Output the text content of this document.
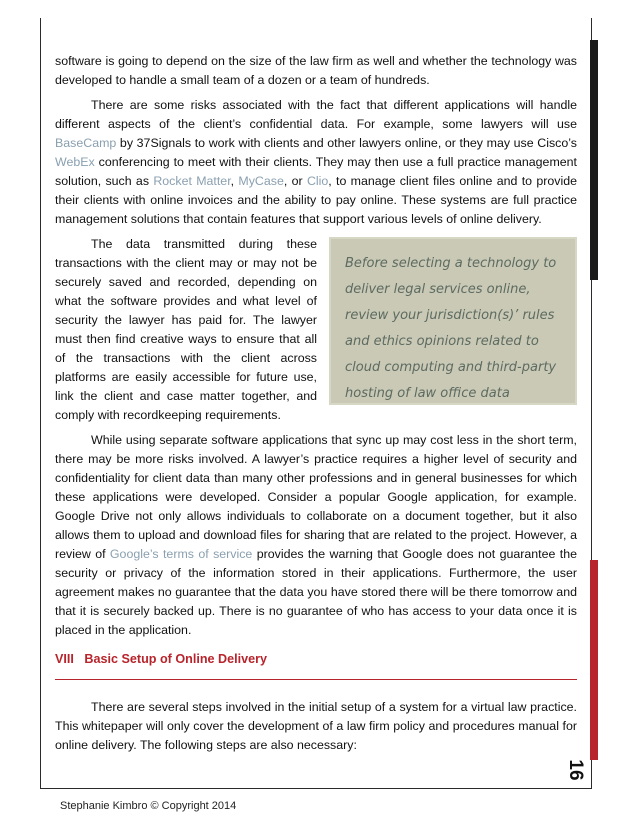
software is going to depend on the size of the law firm as well and whether the technology was developed to handle a small team of a dozen or a team of hundreds.

There are some risks associated with the fact that different applications will handle different aspects of the client’s confidential data. For example, some lawyers will use BaseCamp by 37Signals to work with clients and other lawyers online, or they may use Cisco’s WebEx conferencing to meet with their clients. They may then use a full practice management solution, such as Rocket Matter, MyCase, or Clio, to manage client files online and to provide their clients with online invoices and the ability to pay online. These systems are full practice management solutions that contain features that support various levels of online delivery.

Before selecting a technology to deliver legal services online, review your jurisdiction(s)’ rules and ethics opinions related to cloud computing and third-party hosting of law office data

The data transmitted during these transactions with the client may or may not be securely saved and recorded, depending on what the software provides and what level of security the lawyer has paid for. The lawyer must then find creative ways to ensure that all of the transactions with the client across platforms are easily accessible for future use, link the client and case matter together, and comply with recordkeeping requirements.

While using separate software applications that sync up may cost less in the short term, there may be more risks involved. A lawyer’s practice requires a higher level of security and confidentiality for client data than many other professions and in general businesses for which these applications were developed. Consider a popular Google application, for example. Google Drive not only allows individuals to collaborate on a document together, but it also allows them to upload and download files for sharing that are related to the project. However, a review of Google’s terms of service provides the warning that Google does not guarantee the security or privacy of the information stored in their applications. Furthermore, the user agreement makes no guarantee that the data you have stored there will be there tomorrow and that it is securely backed up. There is no guarantee of who has access to your data once it is placed in the application.

VIII   Basic Setup of Online Delivery

There are several steps involved in the initial setup of a system for a virtual law practice. This whitepaper will only cover the development of a law firm policy and procedures manual for online delivery. The following steps are also necessary:

16
Stephanie Kimbro © Copyright 2014
